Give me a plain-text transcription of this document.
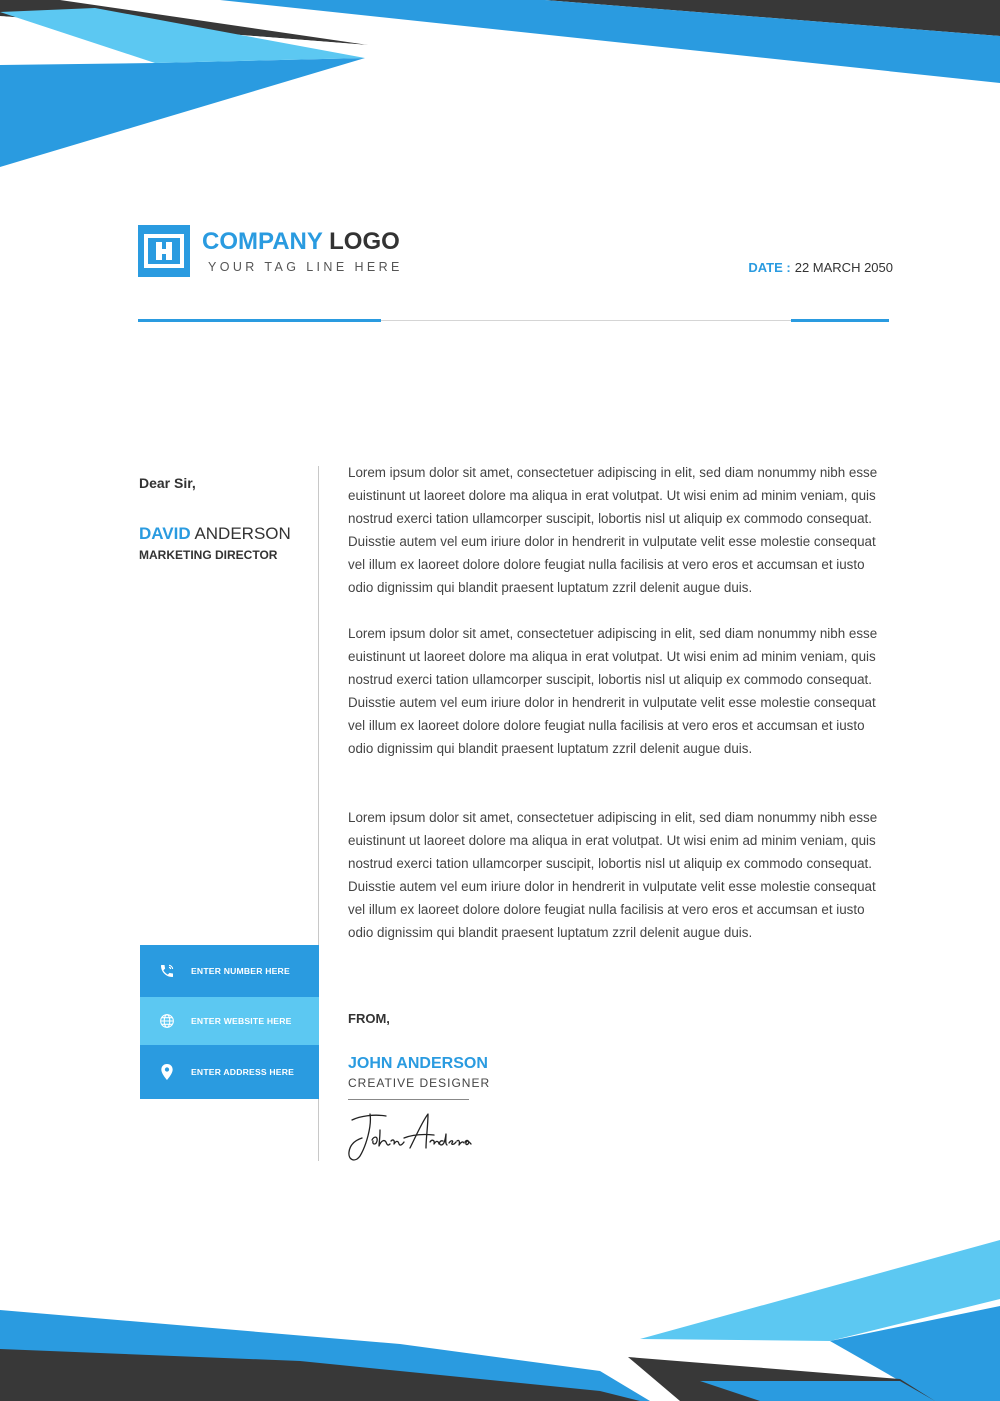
COMPANY LOGO
YOUR TAG LINE HERE	DATE : 22 MARCH 2050
Dear Sir,
DAVID ANDERSON
MARKETING DIRECTOR

Lorem ipsum dolor sit amet, consectetuer adipiscing in elit, sed diam nonummy nibh esse euistinunt ut laoreet dolore ma aliqua in erat volutpat. Ut wisi enim ad minim veniam, quis nostrud exerci tation ullamcorper suscipit, lobortis nisl ut aliquip ex commodo consequat. Duisstie autem vel eum iriure dolor in hendrerit in vulputate velit esse molestie consequat vel illum ex laoreet dolore dolore feugiat nulla facilisis at vero eros et accumsan et iusto odio dignissim qui blandit praesent luptatum zzril delenit augue duis.

Lorem ipsum dolor sit amet, consectetuer adipiscing in elit, sed diam nonummy nibh esse euistinunt ut laoreet dolore ma aliqua in erat volutpat. Ut wisi enim ad minim veniam, quis nostrud exerci tation ullamcorper suscipit, lobortis nisl ut aliquip ex commodo consequat. Duisstie autem vel eum iriure dolor in hendrerit in vulputate velit esse molestie consequat vel illum ex laoreet dolore dolore feugiat nulla facilisis at vero eros et accumsan et iusto odio dignissim qui blandit praesent luptatum zzril delenit augue duis.

Lorem ipsum dolor sit amet, consectetuer adipiscing in elit, sed diam nonummy nibh esse euistinunt ut laoreet dolore ma aliqua in erat volutpat. Ut wisi enim ad minim veniam, quis nostrud exerci tation ullamcorper suscipit, lobortis nisl ut aliquip ex commodo consequat. Duisstie autem vel eum iriure dolor in hendrerit in vulputate velit esse molestie consequat vel illum ex laoreet dolore dolore feugiat nulla facilisis at vero eros et accumsan et iusto odio dignissim qui blandit praesent luptatum zzril delenit augue duis.

ENTER NUMBER HERE
ENTER WEBSITE HERE
ENTER ADDRESS HERE
FROM,
JOHN ANDERSON
CREATIVE DESIGNER
